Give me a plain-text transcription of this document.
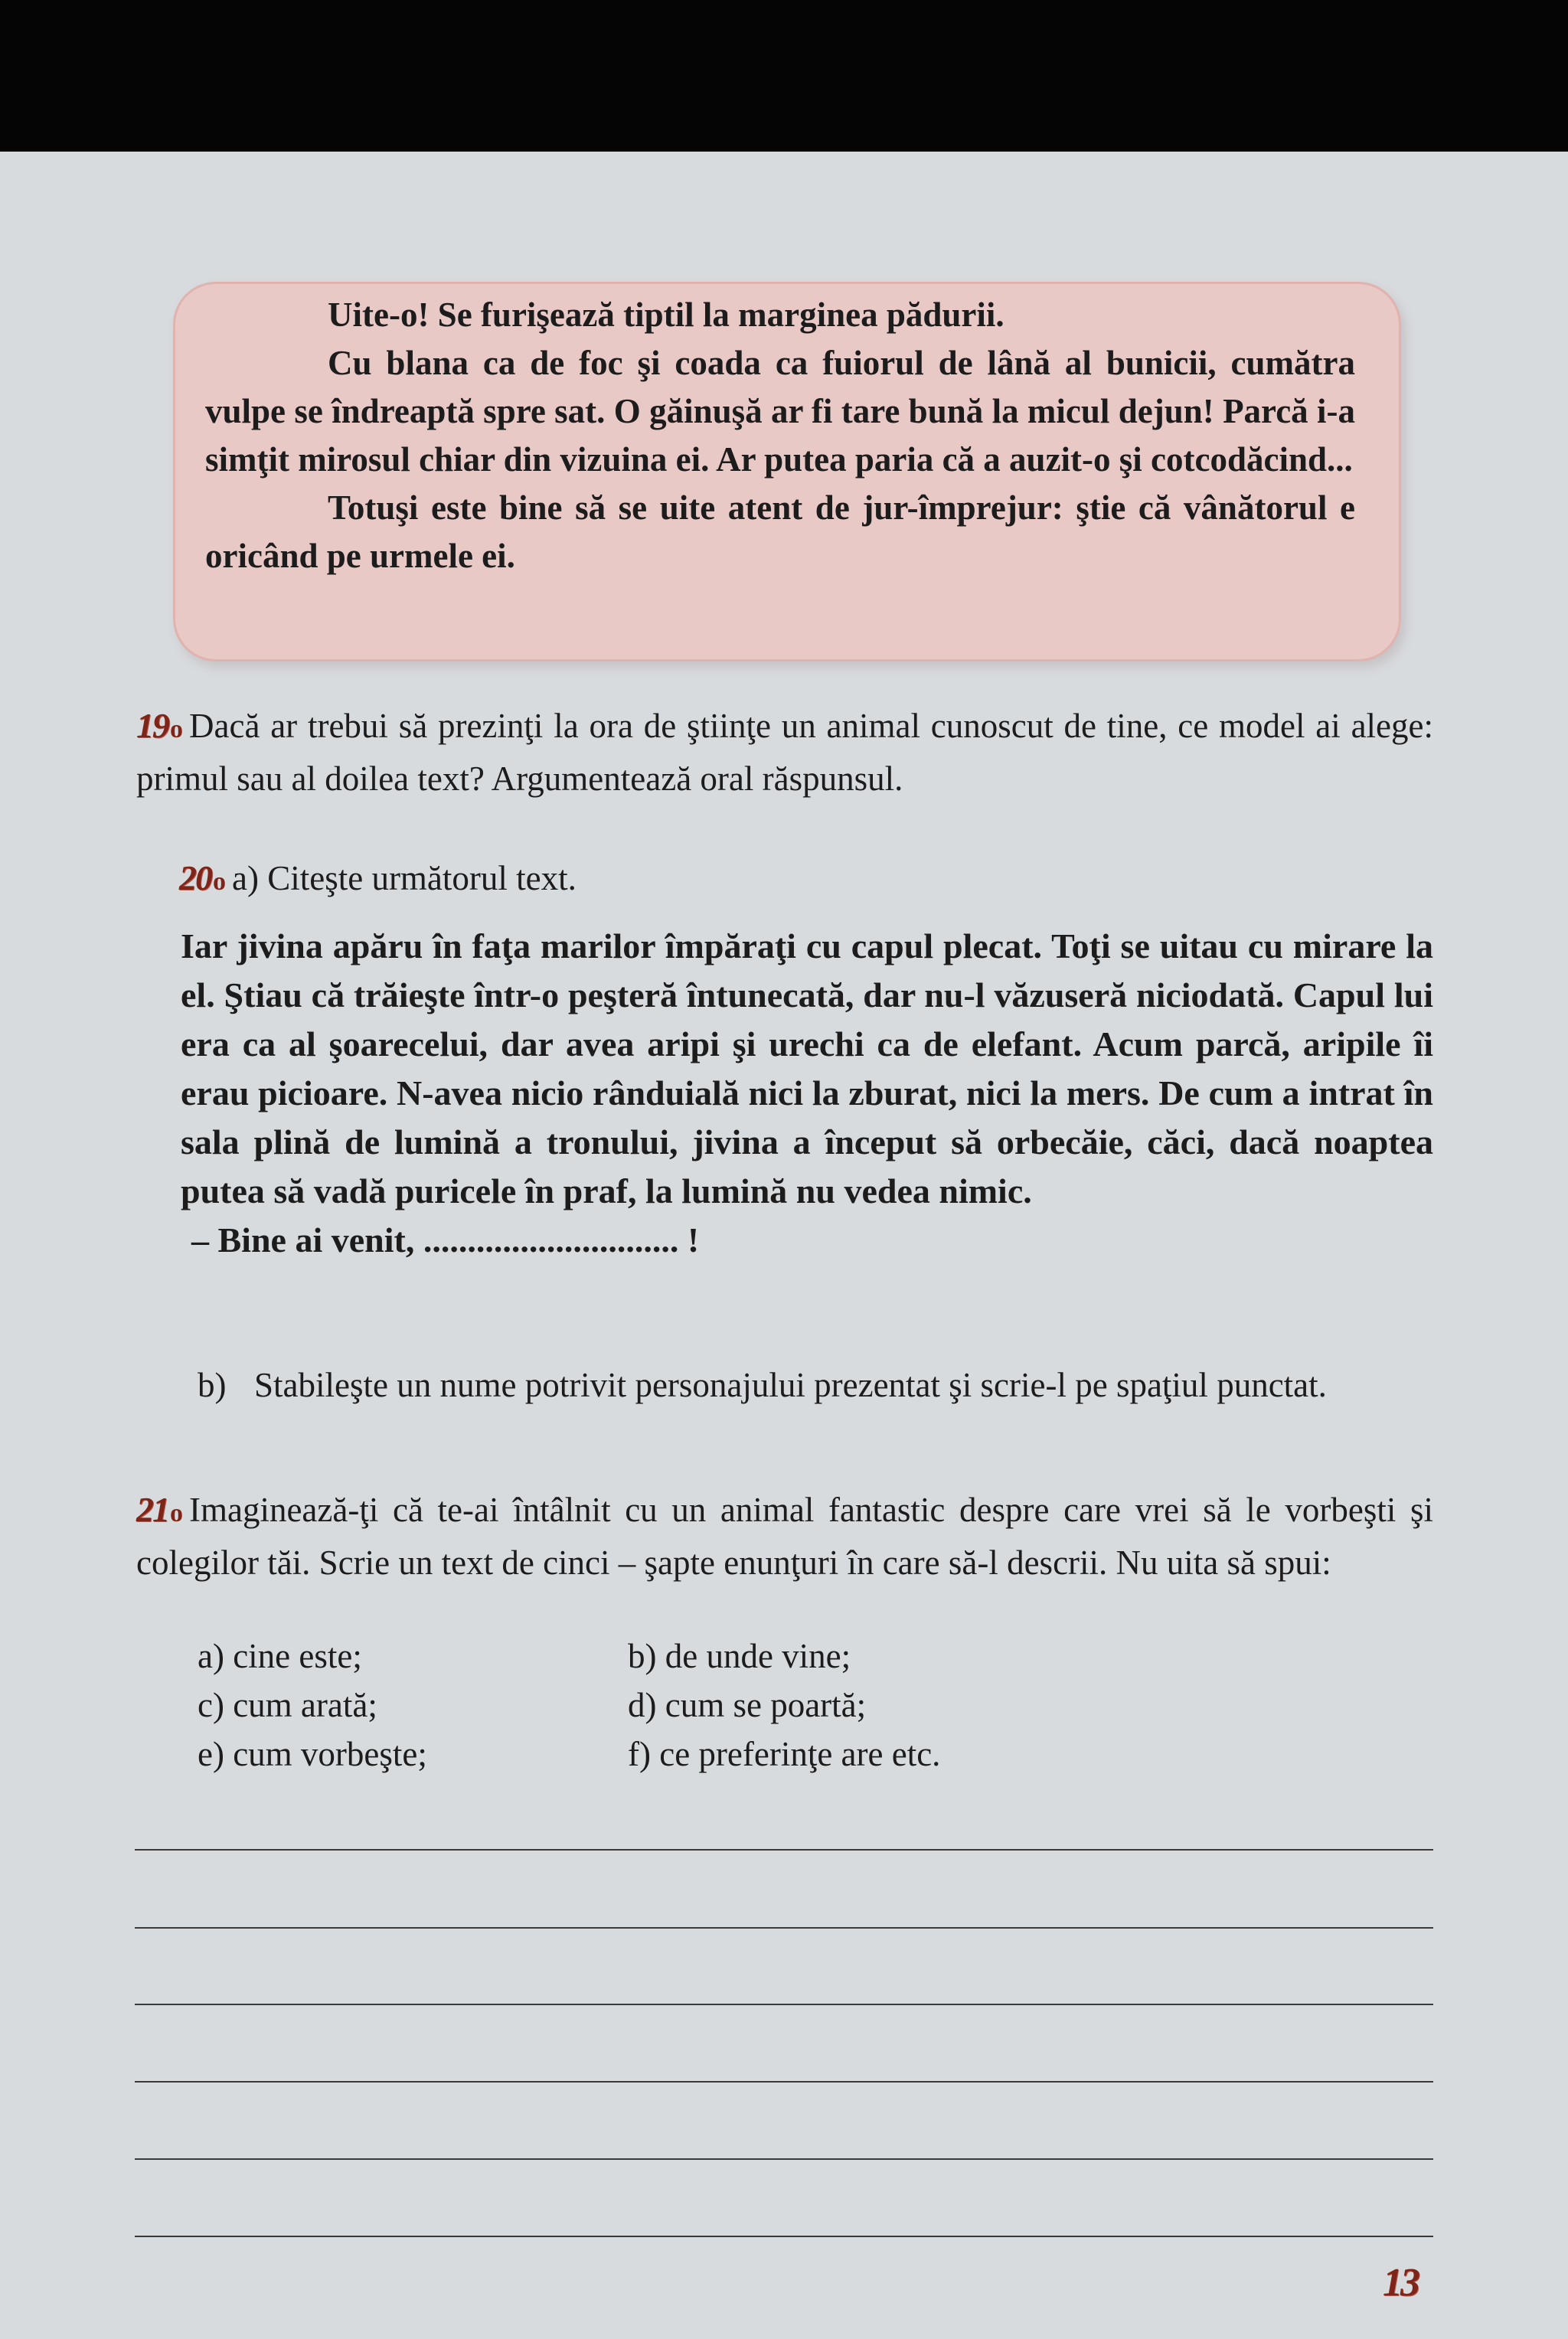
Uite-o! Se furişează tiptil la marginea pădurii.

Cu blana ca de foc şi coada ca fuiorul de lână al bunicii, cumătra vulpe se îndreaptă spre sat. O găinuşă ar fi tare bună la micul dejun! Parcă i-a simţit mirosul chiar din vizuina ei. Ar putea paria că a auzit-o şi cotcodăcind...

Totuşi este bine să se uite atent de jur-împrejur: ştie că vânătorul e oricând pe urmele ei.

19o Dacă ar trebui să prezinţi la ora de ştiinţe un animal cunoscut de tine, ce model ai alege: primul sau al doilea text? Argumentează oral răspunsul.

20o a) Citeşte următorul text.

Iar jivina apăru în faţa marilor împăraţi cu capul plecat. Toţi se uitau cu mirare la el. Ştiau că trăieşte într-o peşteră întunecată, dar nu-l văzuseră niciodată. Capul lui era ca al şoarecelui, dar avea aripi şi urechi ca de elefant. Acum parcă, aripile îi erau picioare. N-avea nicio rânduială nici la zburat, nici la mers. De cum a intrat în sala plină de lumină a tronului, jivina a început să orbecăie, căci, dacă noaptea putea să vadă puricele în praf, la lumină nu vedea nimic.

– Bine ai venit, ............................. !

b) Stabileşte un nume potrivit personajului prezentat şi scrie-l pe spaţiul punctat.

21o Imaginează-ţi că te-ai întâlnit cu un animal fantastic despre care vrei să le vorbeşti şi colegilor tăi. Scrie un text de cinci – şapte enunţuri în care să-l descrii. Nu uita să spui:

a) cine este;	b) de unde vine;
c) cum arată;	d) cum se poartă;
e) cum vorbeşte;	f) ce preferinţe are etc.
13
